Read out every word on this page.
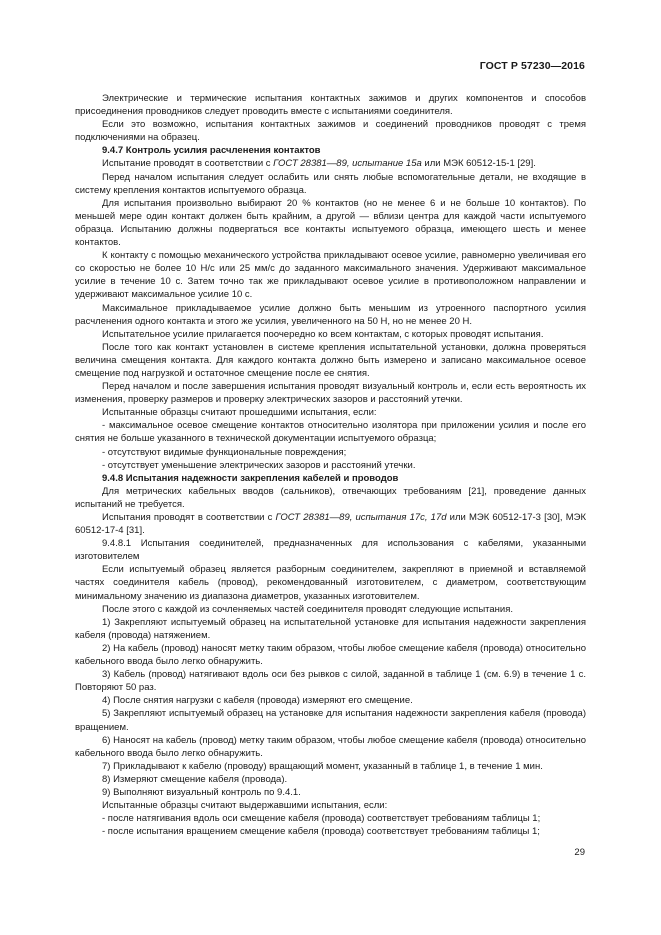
ГОСТ Р 57230—2016

Электрические и термические испытания контактных зажимов и других компонентов и способов присоединения проводников следует проводить вместе с испытаниями соединителя.

Если это возможно, испытания контактных зажимов и соединений проводников проводят с тремя подключениями на образец.

9.4.7 Контроль усилия расчленения контактов

Испытание проводят в соответствии с ГОСТ 28381—89, испытание 15а или МЭК 60512-15-1 [29].

Перед началом испытания следует ослабить или снять любые вспомогательные детали, не входящие в систему крепления контактов испытуемого образца.

Для испытания произвольно выбирают 20 % контактов (но не менее 6 и не больше 10 контактов). По меньшей мере один контакт должен быть крайним, а другой — вблизи центра для каждой части испытуемого образца. Испытанию должны подвергаться все контакты испытуемого образца, имеющего шесть и менее контактов.

К контакту с помощью механического устройства прикладывают осевое усилие, равномерно увеличивая его со скоростью не более 10 Н/с или 25 мм/с до заданного максимального значения. Удерживают максимальное усилие в течение 10 с. Затем точно так же прикладывают осевое усилие в противоположном направлении и удерживают максимальное усилие 10 с.

Максимальное прикладываемое усилие должно быть меньшим из утроенного паспортного усилия расчленения одного контакта и этого же усилия, увеличенного на 50 Н, но не менее 20 Н.

Испытательное усилие прилагается поочередно ко всем контактам, с которых проводят испытания.

После того как контакт установлен в системе крепления испытательной установки, должна проверяться величина смещения контакта. Для каждого контакта должно быть измерено и записано максимальное осевое смещение под нагрузкой и остаточное смещение после ее снятия.

Перед началом и после завершения испытания проводят визуальный контроль и, если есть вероятность их изменения, проверку размеров и проверку электрических зазоров и расстояний утечки.

Испытанные образцы считают прошедшими испытания, если:

- максимальное осевое смещение контактов относительно изолятора при приложении усилия и после его снятия не больше указанного в технической документации испытуемого образца;

- отсутствуют видимые функциональные повреждения;

- отсутствует уменьшение электрических зазоров и расстояний утечки.

9.4.8 Испытания надежности закрепления кабелей и проводов

Для метрических кабельных вводов (сальников), отвечающих требованиям [21], проведение данных испытаний не требуется.

Испытания проводят в соответствии с ГОСТ 28381—89, испытания 17с, 17d или МЭК 60512-17-3 [30], МЭК 60512-17-4 [31].

9.4.8.1 Испытания соединителей, предназначенных для использования с кабелями, указанными изготовителем

Если испытуемый образец является разборным соединителем, закрепляют в приемной и вставляемой частях соединителя кабель (провод), рекомендованный изготовителем, с диаметром, соответствующим минимальному значению из диапазона диаметров, указанных изготовителем.

После этого с каждой из сочленяемых частей соединителя проводят следующие испытания.

1) Закрепляют испытуемый образец на испытательной установке для испытания надежности закрепления кабеля (провода) натяжением.

2) На кабель (провод) наносят метку таким образом, чтобы любое смещение кабеля (провода) относительно кабельного ввода было легко обнаружить.

3) Кабель (провод) натягивают вдоль оси без рывков с силой, заданной в таблице 1 (см. 6.9) в течение 1 с. Повторяют 50 раз.

4) После снятия нагрузки с кабеля (провода) измеряют его смещение.

5) Закрепляют испытуемый образец на установке для испытания надежности закрепления кабеля (провода) вращением.

6) Наносят на кабель (провод) метку таким образом, чтобы любое смещение кабеля (провода) относительно кабельного ввода было легко обнаружить.

7) Прикладывают к кабелю (проводу) вращающий момент, указанный в таблице 1, в течение 1 мин.

8) Измеряют смещение кабеля (провода).

9) Выполняют визуальный контроль по 9.4.1.

Испытанные образцы считают выдержавшими испытания, если:

- после натягивания вдоль оси смещение кабеля (провода) соответствует требованиям таблицы 1;

- после испытания вращением смещение кабеля (провода) соответствует требованиям таблицы 1;

29
